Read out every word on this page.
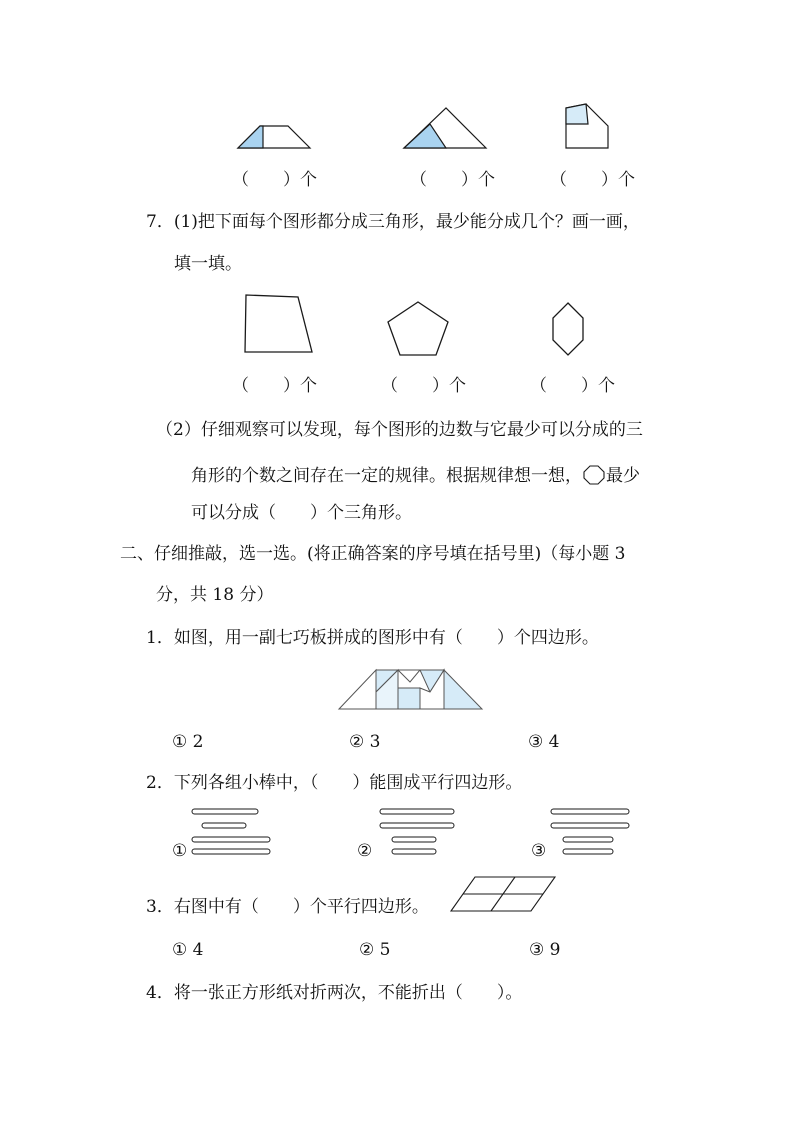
（　　）个	（　　）个	（　　）个
7．(1)把下面每个图形都分成三角形，最少能分成几个？画一画，
填一填。
（　　）个	（　　）个	（　　）个
（2）仔细观察可以发现，每个图形的边数与它最少可以分成的三
角形的个数之间存在一定的规律。根据规律想一想， 最少
可以分成（　　）个三角形。
二、仔细推敲，选一选。(将正确答案的序号填在括号里)（每小题 3
分，共 18 分）
1．如图，用一副七巧板拼成的图形中有（　　）个四边形。
① 2	② 3	③ 4
2．下列各组小棒中，（　　）能围成平行四边形。
①	②	③
3．右图中有（　　）个平行四边形。
① 4	② 5	③ 9
4．将一张正方形纸对折两次，不能折出（　　）。
